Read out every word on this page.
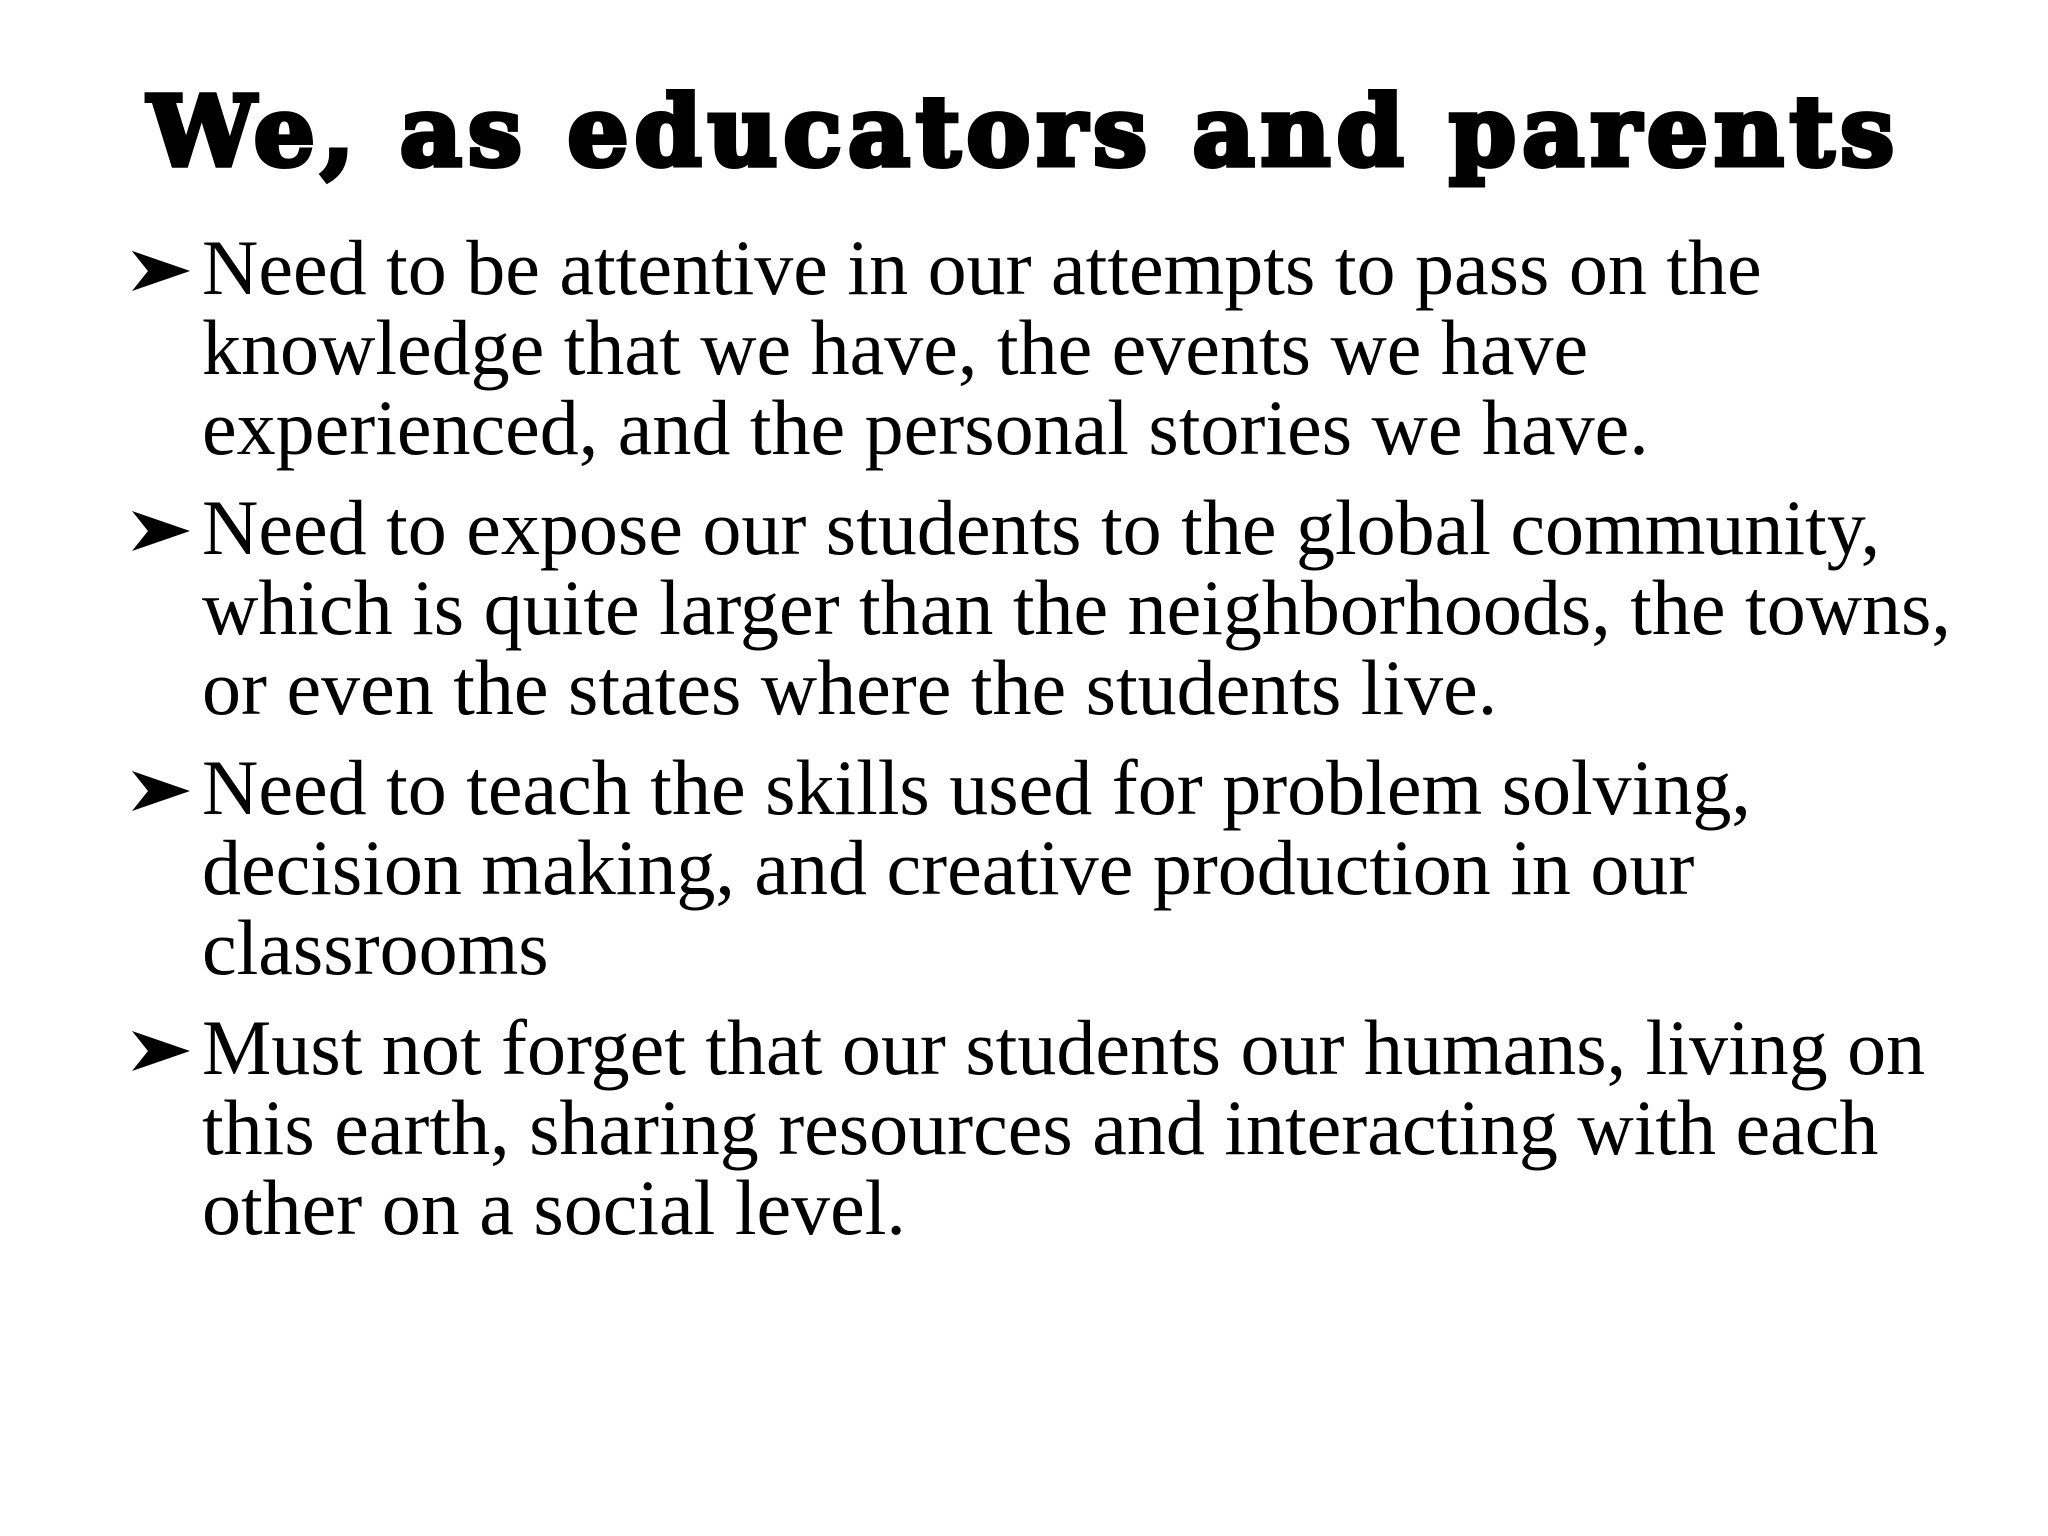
We, as educators and parents
Need to be attentive in our attempts to pass on the knowledge that we have, the events we have experienced, and the personal stories we have.
Need to expose our students to the global community, which is quite larger than the neighborhoods, the towns, or even the states where the students live.
Need to teach the skills used for problem solving, decision making, and creative production in our classrooms
Must not forget that our students our humans, living on this earth, sharing resources and interacting with each other on a social level.
